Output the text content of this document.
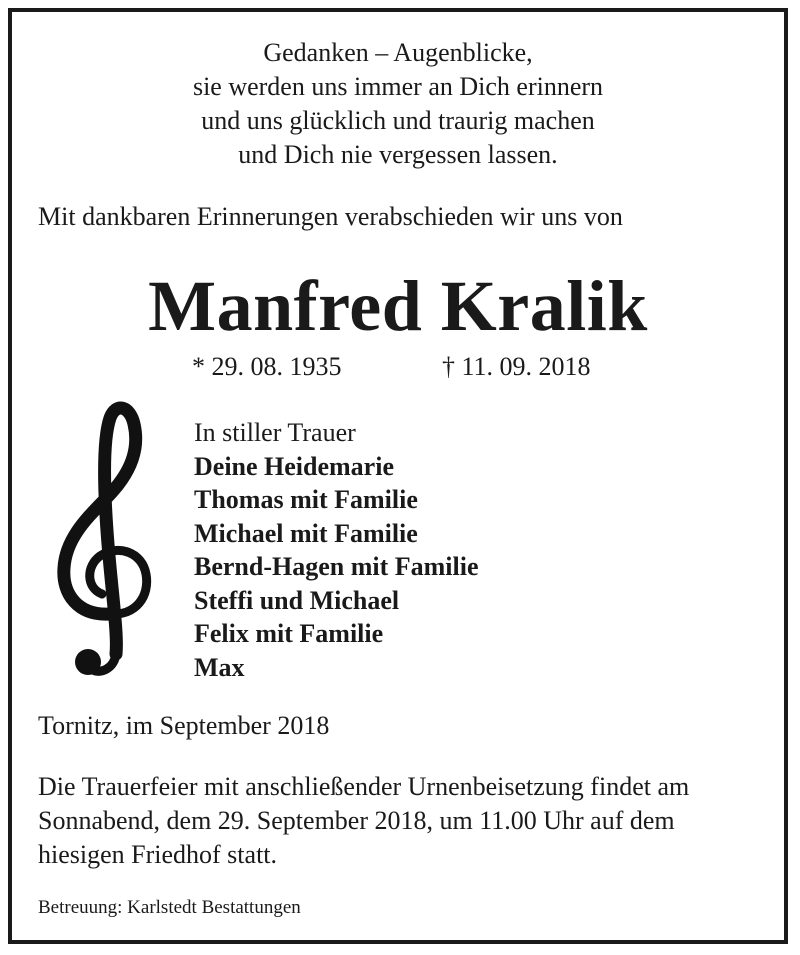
Gedanken – Augenblicke,
sie werden uns immer an Dich erinnern
und uns glücklich und traurig machen
und Dich nie vergessen lassen.
Mit dankbaren Erinnerungen verabschieden wir uns von
Manfred Kralik
* 29. 08. 1935	† 11. 09. 2018
In stiller Trauer
Deine Heidemarie
Thomas mit Familie
Michael mit Familie
Bernd-Hagen mit Familie
Steffi und Michael
Felix mit Familie
Max
Tornitz, im September 2018
Die Trauerfeier mit anschließender Urnenbeisetzung findet am
Sonnabend, dem 29. September 2018, um 11.00 Uhr auf dem
hiesigen Friedhof statt.
Betreuung: Karlstedt Bestattungen
